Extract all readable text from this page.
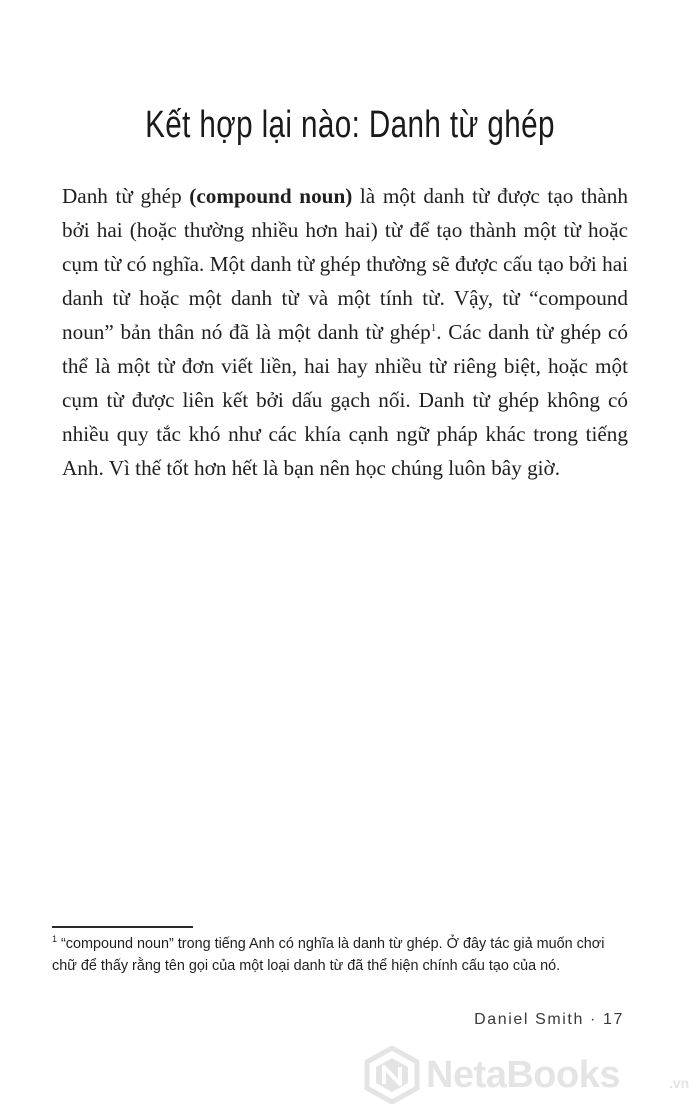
Kết hợp lại nào: Danh từ ghép

Danh từ ghép (compound noun) là một danh từ được tạo thành bởi hai (hoặc thường nhiều hơn hai) từ để tạo thành một từ hoặc cụm từ có nghĩa. Một danh từ ghép thường sẽ được cấu tạo bởi hai danh từ hoặc một danh từ và một tính từ. Vậy, từ “compound noun” bản thân nó đã là một danh từ ghép$^1$. Các danh từ ghép có thể là một từ đơn viết liền, hai hay nhiều từ riêng biệt, hoặc một cụm từ được liên kết bởi dấu gạch nối. Danh từ ghép không có nhiều quy tắc khó như các khía cạnh ngữ pháp khác trong tiếng Anh. Vì thế tốt hơn hết là bạn nên học chúng luôn bây giờ.

$^1$ “compound noun” trong tiếng Anh có nghĩa là danh từ ghép. Ở đây tác giả muốn chơi chữ để thấy rằng tên gọi của một loại danh từ đã thể hiện chính cấu tạo của nó.

Daniel Smith · 17
NetaBooks	.vn
